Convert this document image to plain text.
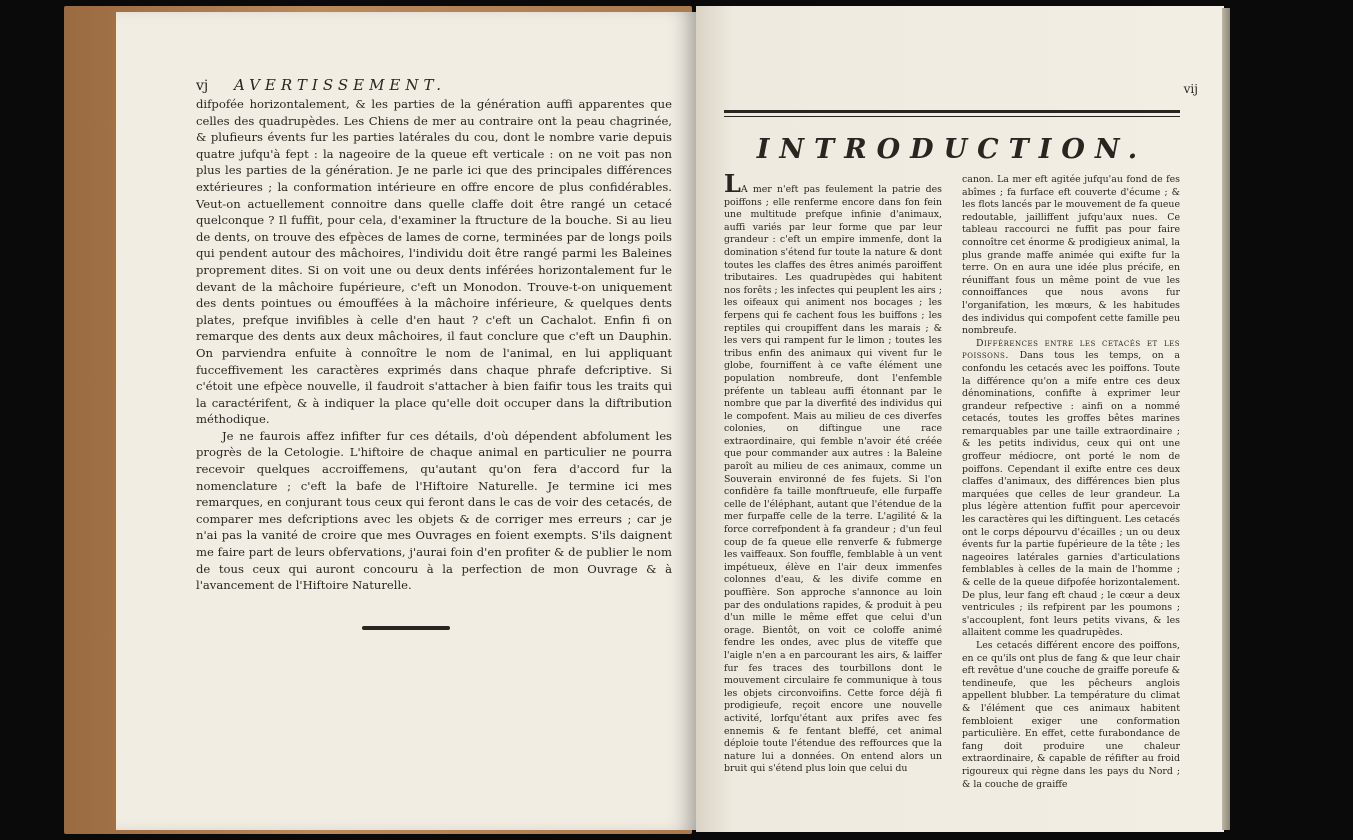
vj	AVERTISSEMENT.

difpofée horizontalement, & les parties de la génération auffi apparentes que celles des quadrupèdes. Les Chiens de mer au contraire ont la peau chagrinée, & plufieurs évents fur les parties latérales du cou, dont le nombre varie depuis quatre jufqu'à fept : la nageoire de la queue eft verticale : on ne voit pas non plus les parties de la génération. Je ne parle ici que des principales différences extérieures ; la conformation intérieure en offre encore de plus confidérables. Veut-on actuellement connoitre dans quelle claffe doit être rangé un cetacé quelconque ? Il fuffit, pour cela, d'examiner la ftructure de la bouche. Si au lieu de dents, on trouve des efpèces de lames de corne, terminées par de longs poils qui pendent autour des mâchoires, l'individu doit être rangé parmi les Baleines proprement dites. Si on voit une ou deux dents inférées horizontalement fur le devant de la mâchoire fupérieure, c'eft un Monodon. Trouve-t-on uniquement des dents pointues ou émouffées à la mâchoire inférieure, & quelques dents plates, prefque invifibles à celle d'en haut ? c'eft un Cachalot. Enfin fi on remarque des dents aux deux mâchoires, il faut conclure que c'eft un Dauphin. On parviendra enfuite à connoître le nom de l'animal, en lui appliquant fucceffivement les caractères exprimés dans chaque phrafe defcriptive. Si c'étoit une efpèce nouvelle, il faudroit s'attacher à bien faifir tous les traits qui la caractérifent, & à indiquer la place qu'elle doit occuper dans la diftribution méthodique.

Je ne faurois affez infifter fur ces détails, d'où dépendent abfolument les progrès de la Cetologie. L'hiftoire de chaque animal en particulier ne pourra recevoir quelques accroiffemens, qu'autant qu'on fera d'accord fur la nomenclature ; c'eft la bafe de l'Hiftoire Naturelle. Je termine ici mes remarques, en conjurant tous ceux qui feront dans le cas de voir des cetacés, de comparer mes defcriptions avec les objets & de corriger mes erreurs ; car je n'ai pas la vanité de croire que mes Ouvrages en foient exempts. S'ils daignent me faire part de leurs obfervations, j'aurai foin d'en profiter & de publier le nom de tous ceux qui auront concouru à la perfection de mon Ouvrage & à l'avancement de l'Hiftoire Naturelle.

vij
INTRODUCTION.

LA mer n'eft pas feulement la patrie des poiffons ; elle renferme encore dans fon fein une multitude prefque infinie d'animaux, auffi variés par leur forme que par leur grandeur : c'eft un empire immenfe, dont la domination s'étend fur toute la nature & dont toutes les claffes des êtres animés paroiffent tributaires. Les quadrupèdes qui habitent nos forêts ; les infectes qui peuplent les airs ; les oifeaux qui animent nos bocages ; les ferpens qui fe cachent fous les buiffons ; les reptiles qui croupiffent dans les marais ; & les vers qui rampent fur le limon ; toutes les tribus enfin des animaux qui vivent fur le globe, fourniffent à ce vafte élément une population nombreufe, dont l'enfemble préfente un tableau auffi étonnant par le nombre que par la diverfité des individus qui le compofent. Mais au milieu de ces diverfes colonies, on diftingue une race extraordinaire, qui femble n'avoir été créée que pour commander aux autres : la Baleine paroît au milieu de ces animaux, comme un Souverain environné de fes fujets. Si l'on confidère fa taille monftrueufe, elle furpaffe celle de l'éléphant, autant que l'étendue de la mer furpaffe celle de la terre. L'agilité & la force correfpondent à fa grandeur ; d'un feul coup de fa queue elle renverfe & fubmerge les vaiffeaux. Son fouffle, femblable à un vent impétueux, élève en l'air deux immenfes colonnes d'eau, & les divife comme en pouffière. Son approche s'annonce au loin par des ondulations rapides, & produit à peu d'un mille le même effet que celui d'un orage. Bientôt, on voit ce coloffe animé fendre les ondes, avec plus de viteffe que l'aigle n'en a en parcourant les airs, & laiffer fur fes traces des tourbillons dont le mouvement circulaire fe communique à tous les objets circonvoifins. Cette force déjà fi prodigieufe, reçoit encore une nouvelle activité, lorfqu'étant aux prifes avec fes ennemis & fe fentant bleffé, cet animal déploie toute l'étendue des reffources que la nature lui a données. On entend alors un bruit qui s'étend plus loin que celui du

canon. La mer eft agitée jufqu'au fond de fes abîmes ; fa furface eft couverte d'écume ; & les flots lancés par le mouvement de fa queue redoutable, jailliffent jufqu'aux nues. Ce tableau raccourci ne fuffit pas pour faire connoître cet énorme & prodigieux animal, la plus grande maffe animée qui exifte fur la terre. On en aura une idée plus précife, en réuniffant fous un même point de vue les connoiffances que nous avons fur l'organifation, les mœurs, & les habitudes des individus qui compofent cette famille peu nombreufe.

Différences entre les cetacés et les poissons. Dans tous les temps, on a confondu les cetacés avec les poiffons. Toute la différence qu'on a mife entre ces deux dénominations, confifte à exprimer leur grandeur refpective : ainfi on a nommé cetacés, toutes les groffes bêtes marines remarquables par une taille extraordinaire ; & les petits individus, ceux qui ont une groffeur médiocre, ont porté le nom de poiffons. Cependant il exifte entre ces deux claffes d'animaux, des différences bien plus marquées que celles de leur grandeur. La plus légère attention fuffit pour apercevoir les caractères qui les diftinguent. Les cetacés ont le corps dépourvu d'écailles ; un ou deux évents fur la partie fupérieure de la tête ; les nageoires latérales garnies d'articulations femblables à celles de la main de l'homme ; & celle de la queue difpofée horizontalement. De plus, leur fang eft chaud ; le cœur a deux ventricules ; ils refpirent par les poumons ; s'accouplent, font leurs petits vivans, & les allaitent comme les quadrupèdes.

Les cetacés différent encore des poiffons, en ce qu'ils ont plus de fang & que leur chair eft revêtue d'une couche de graiffe poreufe & tendineufe, que les pêcheurs anglois appellent blubber. La température du climat & l'élément que ces animaux habitent fembloient exiger une conformation particulière. En effet, cette furabondance de fang doit produire une chaleur extraordinaire, & capable de réfifter au froid rigoureux qui règne dans les pays du Nord ; & la couche de graiffe
